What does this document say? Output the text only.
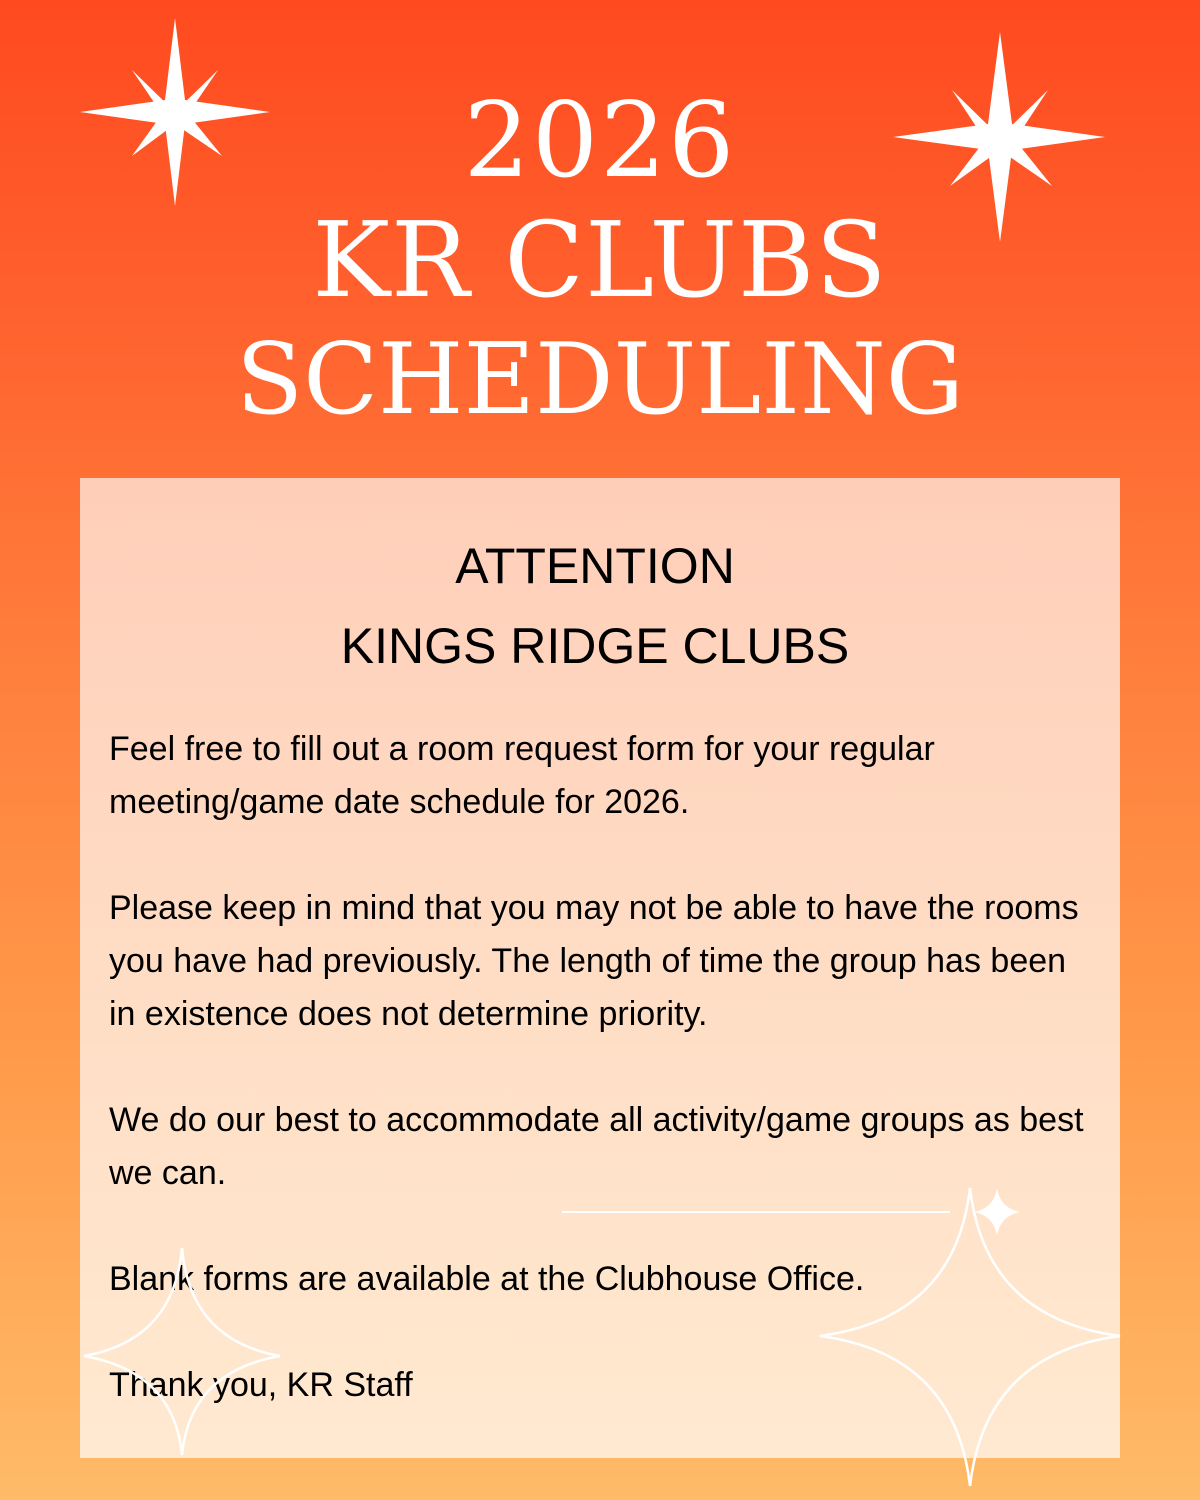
2026
KR CLUBS
SCHEDULING
ATTENTION
KINGS RIDGE CLUBS

Feel free to fill out a room request form for your regular meeting/game date schedule for 2026.

Please keep in mind that you may not be able to have the rooms you have had previously. The length of time the group has been in existence does not determine priority.

We do our best to accommodate all activity/game groups as best we can.

Blank forms are available at the Clubhouse Office.

Thank you, KR Staff
